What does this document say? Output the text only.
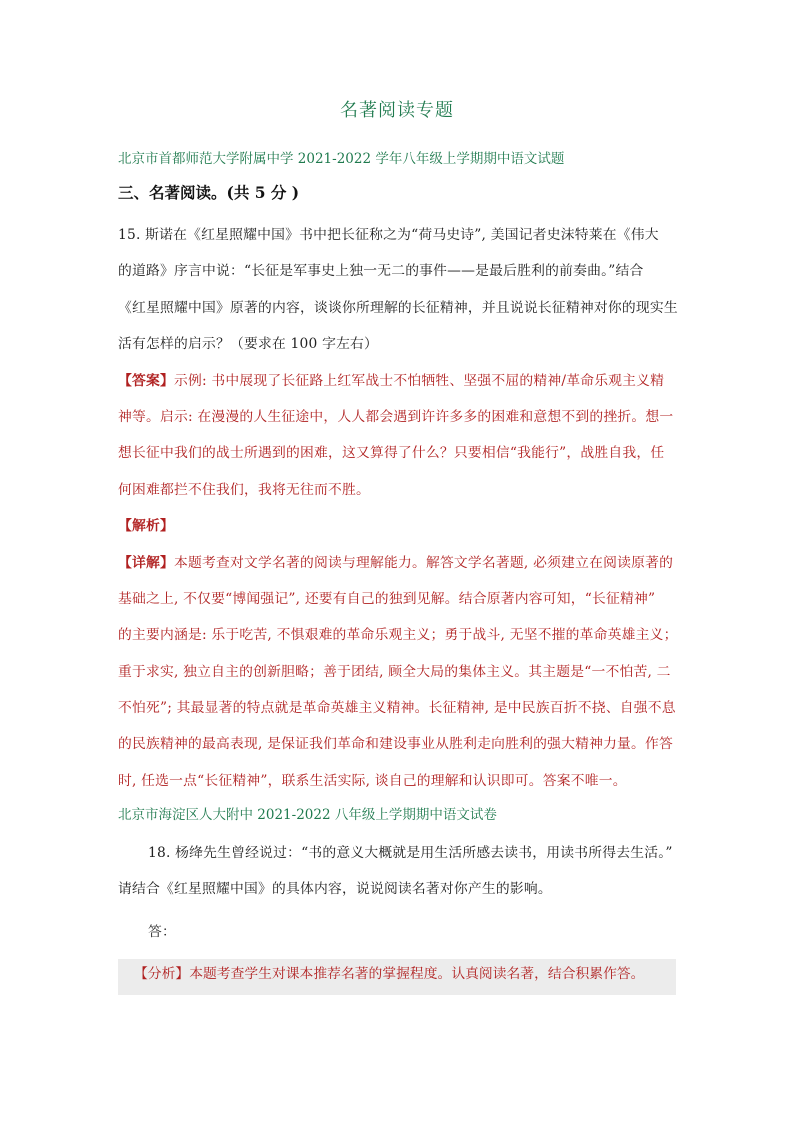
名著阅读专题
北京市首都师范大学附属中学 2021-2022 学年八年级上学期期中语文试题
三、名著阅读。(共 5 分 )
15. 斯诺在《红星照耀中国》书中把长征称之为“荷马史诗”, 美国记者史沫特莱在《伟大
的道路》序言中说：“长征是军事史上独一无二的事件——是最后胜利的前奏曲。”结合
《红星照耀中国》原著的内容，谈谈你所理解的长征精神，并且说说长征精神对你的现实生
活有怎样的启示？（要求在 100 字左右）
【答案】示例: 书中展现了长征路上红军战士不怕牺牲、坚强不屈的精神/革命乐观主义精
神等。启示: 在漫漫的人生征途中，人人都会遇到许许多多的困难和意想不到的挫折。想一
想长征中我们的战士所遇到的困难，这又算得了什么？只要相信“我能行”，战胜自我，任
何困难都拦不住我们，我将无往而不胜。
【解析】
【详解】本题考查对文学名著的阅读与理解能力。解答文学名著题, 必须建立在阅读原著的
基础之上, 不仅要“博闻强记”, 还要有自己的独到见解。结合原著内容可知，“长征精神”
的主要内涵是: 乐于吃苦, 不惧艰难的革命乐观主义；勇于战斗, 无坚不摧的革命英雄主义；
重于求实, 独立自主的创新胆略；善于团结, 顾全大局的集体主义。其主题是“一不怕苦, 二
不怕死”; 其最显著的特点就是革命英雄主义精神。长征精神, 是中民族百折不挠、自强不息
的民族精神的最高表现, 是保证我们革命和建设事业从胜利走向胜利的强大精神力量。作答
时, 任选一点“长征精神”，联系生活实际, 谈自己的理解和认识即可。答案不唯一。
北京市海淀区人大附中 2021-2022 八年级上学期期中语文试卷
18. 杨绛先生曾经说过：“书的意义大概就是用生活所感去读书，用读书所得去生活。”
请结合《红星照耀中国》的具体内容，说说阅读名著对你产生的影响。
答：
【分析】本题考查学生对课本推荐名著的掌握程度。认真阅读名著，结合积累作答。
